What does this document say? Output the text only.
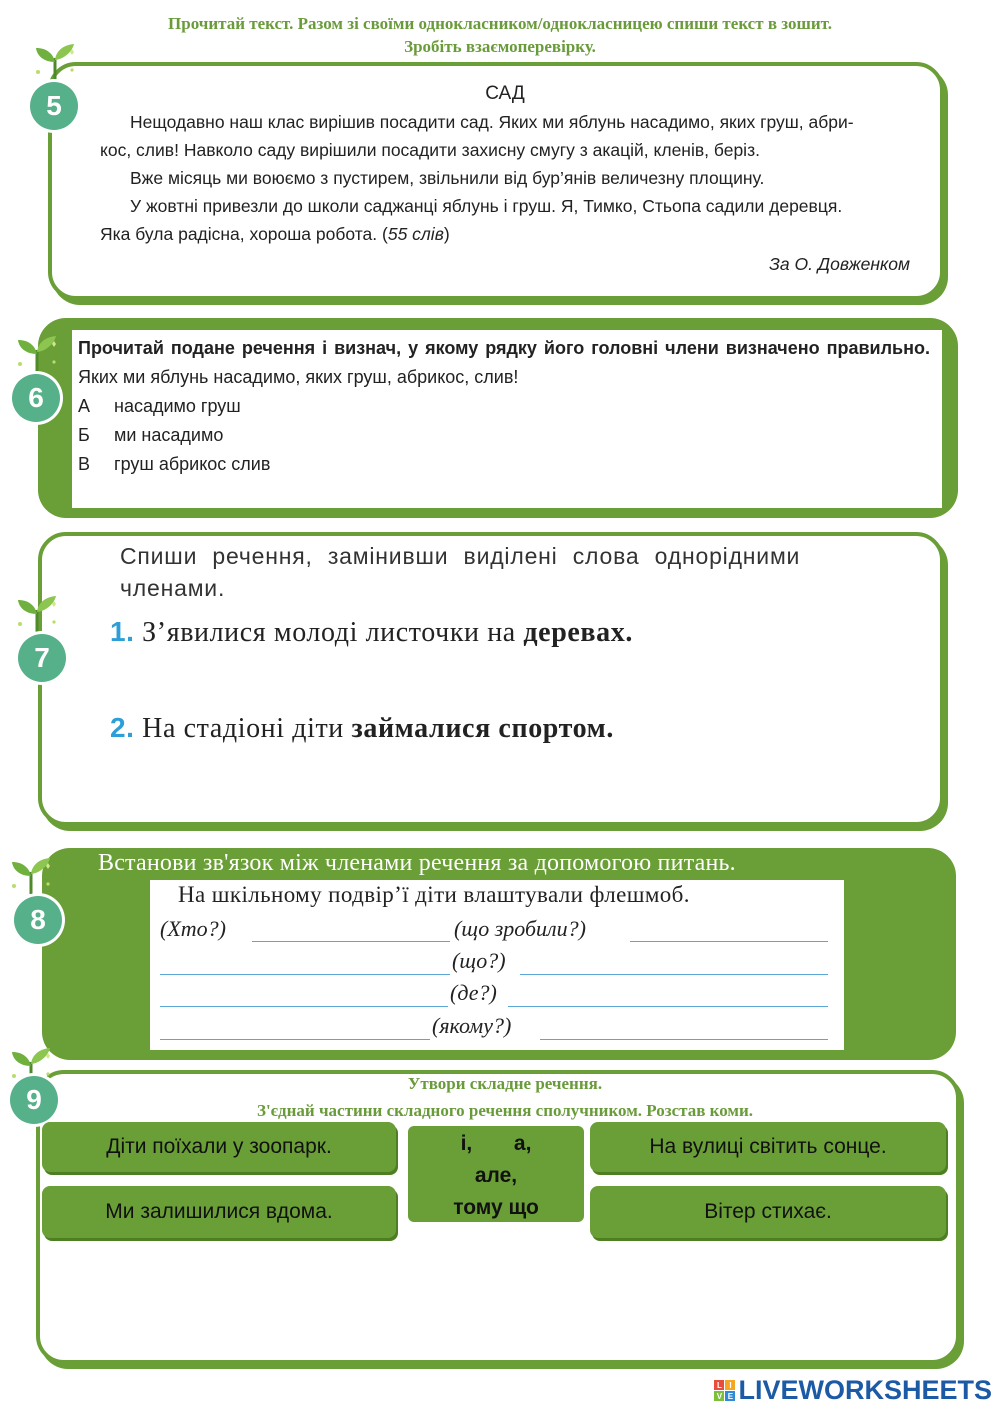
Прочитай текст. Разом зі своїми однокласником/однокласницею спиши текст в зошит.
Зробіть взаємоперевірку.
5	САД
Нещодавно наш клас вирішив посадити сад. Яких ми яблунь насадимо, яких груш, абри-
кос, слив! Навколо саду вирішили посадити захисну смугу з акацій, кленів, беріз.
Вже місяць ми воюємо з пустирем, звільнили від бур’янів величезну площину.
У жовтні привезли до школи саджанці яблунь і груш. Я, Тимко, Стьопа садили деревця.
Яка була радісна, хороша робота. (55 слів)
За О. Довженком
6
Прочитай подане речення і визнач, у якому рядку його головні члени визначено правильно.
Яких ми яблунь насадимо, яких груш, абрикос, слив!
А	насадимо груш
Б	ми насадимо
В	груш абрикос слив
7
Спиши речення, замінивши виділені слова однорідними
членами.
1. З’явилися молоді листочки на деревах.
2. На стадіоні діти займалися спортом.
8
Встанови зв'язок між членами речення за допомогою питань.
На шкільному подвір’ї діти влаштували флешмоб.
(Хто?)	(що зробили?)
(що?)
(де?)
(якому?)
9
Утвори складне речення.
З'єднай частини складного речення сполучником. Розстав коми.
Діти поїхали у зоопарк.
Ми залишилися вдома.
На вулиці світить сонце.
Вітер стихає.
і, а,
але,
тому що
L I
V E LIVEWORKSHEETS
